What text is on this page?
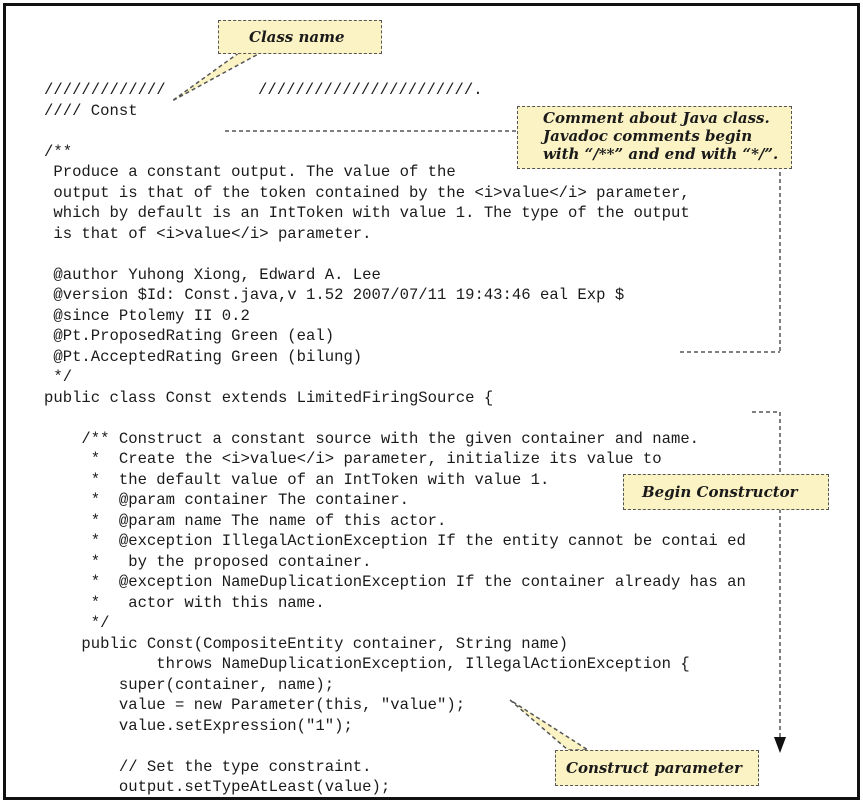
/////////////
//// Const
/**
Produce a constant output. The value of the
output is that of the token contained by the <i>value</i> parameter,
which by default is an IntToken with value 1. The type of the output
is that of <i>value</i> parameter.
@author Yuhong Xiong, Edward A. Lee
@version $Id: Const.java,v 1.52 2007/07/11 19:43:46 eal Exp $
@since Ptolemy II 0.2
@Pt.ProposedRating Green (eal)
@Pt.AcceptedRating Green (bilung)
*/
public class Const extends LimitedFiringSource {
/** Construct a constant source with the given container and name.
*  Create the <i>value</i> parameter, initialize its value to
*  the default value of an IntToken with value 1.
*  @param container The container.
*  @param name The name of this actor.
*  @exception IllegalActionException If the entity cannot be contai ed
*   by the proposed container.
*  @exception NameDuplicationException If the container already has an
*   actor with this name.
*/
public Const(CompositeEntity container, String name)
throws NameDuplicationException, IllegalActionException {
super(container, name);
value = new Parameter(this, "value");
value.setExpression("1");
// Set the type constraint.
output.setTypeAtLeast(value);
///////////////////////.
Class name
Comment about Java class.
Javadoc comments begin
with “/**” and end with “*/”.
Begin Constructor
Construct parameter
